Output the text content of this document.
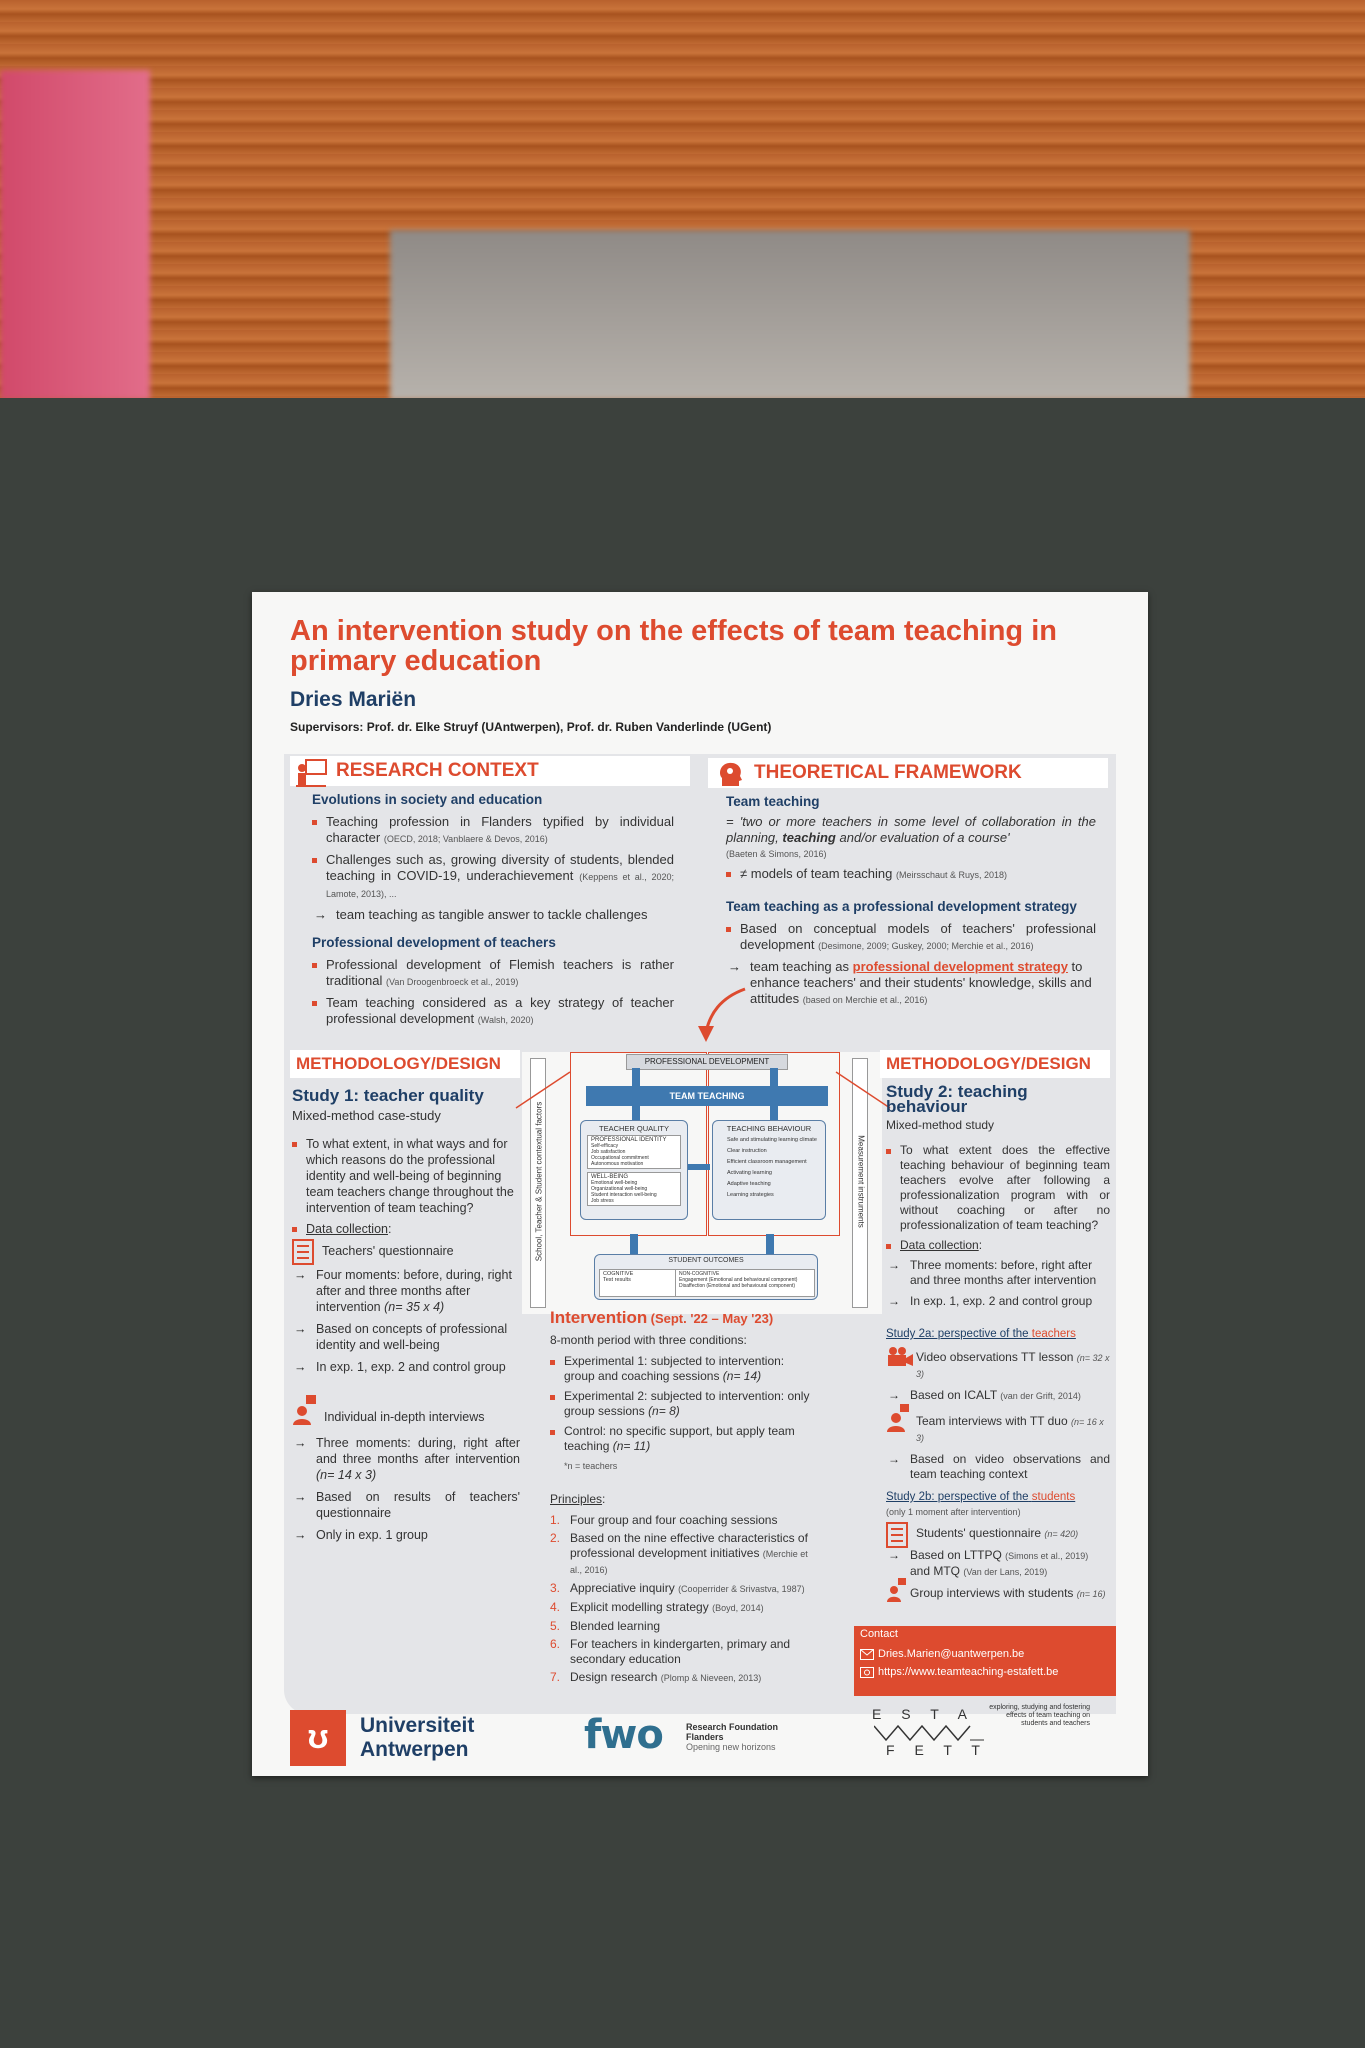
An intervention study on the effects of team teaching in primary education
Dries Mariën
Supervisors: Prof. dr. Elke Struyf (UAntwerpen), Prof. dr. Ruben Vanderlinde (UGent)
RESEARCH CONTEXT
Evolutions in society and education
Teaching profession in Flanders typified by individual character (OECD, 2018; Vanblaere & Devos, 2016)
Challenges such as, growing diversity of students, blended teaching in COVID-19, underachievement (Keppens et al., 2020; Lamote, 2013), ...
→ team teaching as tangible answer to tackle challenges
Professional development of teachers
Professional development of Flemish teachers is rather traditional (Van Droogenbroeck et al., 2019)
Team teaching considered as a key strategy of teacher professional development (Walsh, 2020)
THEORETICAL FRAMEWORK
Team teaching
= 'two or more teachers in some level of collaboration in the planning, teaching and/or evaluation of a course'
(Baeten & Simons, 2016)
≠ models of team teaching (Meirsschaut & Ruys, 2018)
Team teaching as a professional development strategy
Based on conceptual models of teachers' professional development (Desimone, 2009; Guskey, 2000; Merchie et al., 2016)
→ team teaching as professional development strategy to enhance teachers' and their students' knowledge, skills and attitudes (based on Merchie et al., 2016)
METHODOLOGY/DESIGN
Study 1: teacher quality
Mixed-method case-study
To what extent, in what ways and for which reasons do the professional identity and well-being of beginning team teachers change throughout the intervention of team teaching?
Data collection:
Teachers' questionnaire
→ Four moments: before, during, right after and three months after intervention (n= 35 x 4)
→ Based on concepts of professional identity and well-being
→ In exp. 1, exp. 2 and control group
Individual in-depth interviews
→ Three moments: during, right after and three months after intervention (n= 14 x 3)
→ Based on results of teachers' questionnaire
→ Only in exp. 1 group
School, Teacher & Student contextual factors	Measurement instruments
PROFESSIONAL DEVELOPMENT
TEAM TEACHING
TEACHER QUALITY
PROFESSIONAL IDENTITY
Self-efficacy
Job satisfaction
Occupational commitment
Autonomous motivation
WELL-BEING
Emotional well-being
Organizational well-being
Student interaction well-being
Job stress
TEACHING BEHAVIOUR
Safe and stimulating learning climate
Clear instruction
Efficient classroom management
Activating learning
Adaptive teaching
Learning strategies
STUDENT OUTCOMES
COGNITIVE
Test results
NON-COGNITIVE
Engagement (Emotional and behavioural component)
Disaffection (Emotional and behavioural component)
Intervention (Sept. '22 – May '23)
8-month period with three conditions:
Experimental 1: subjected to intervention: group and coaching sessions (n= 14)
Experimental 2: subjected to intervention: only group sessions (n= 8)
Control: no specific support, but apply team teaching (n= 11)
*n = teachers
Principles:
1. Four group and four coaching sessions
2. Based on the nine effective characteristics of professional development initiatives (Merchie et al., 2016)
3. Appreciative inquiry (Cooperrider & Srivastva, 1987)
4. Explicit modelling strategy (Boyd, 2014)
5. Blended learning
6. For teachers in kindergarten, primary and secondary education
7. Design research (Plomp & Nieveen, 2013)
METHODOLOGY/DESIGN
Study 2: teaching behaviour
Mixed-method study
To what extent does the effective teaching behaviour of beginning team teachers evolve after following a professionalization program with or without coaching or after no professionalization of team teaching?
Data collection:
→ Three moments: before, right after and three months after intervention
→ In exp. 1, exp. 2 and control group
Study 2a: perspective of the teachers
Video observations TT lesson (n= 32 x 3)
→ Based on ICALT (van der Grift, 2014)
Team interviews with TT duo (n= 16 x 3)
→ Based on video observations and team teaching context
Study 2b: perspective of the students
(only 1 moment after intervention)
Students' questionnaire (n= 420)
→ Based on LTTPQ (Simons et al., 2019) and MTQ (Van der Lans, 2019)
Group interviews with students (n= 16)
Contact
Dries.Marien@uantwerpen.be
https://www.teamteaching-estafett.be
ʊ	Universiteit
Antwerpen	fwo	Research Foundation
Flanders
Opening new horizons
E S T A
F E T T
exploring, studying and fostering effects of team teaching on students and teachers
